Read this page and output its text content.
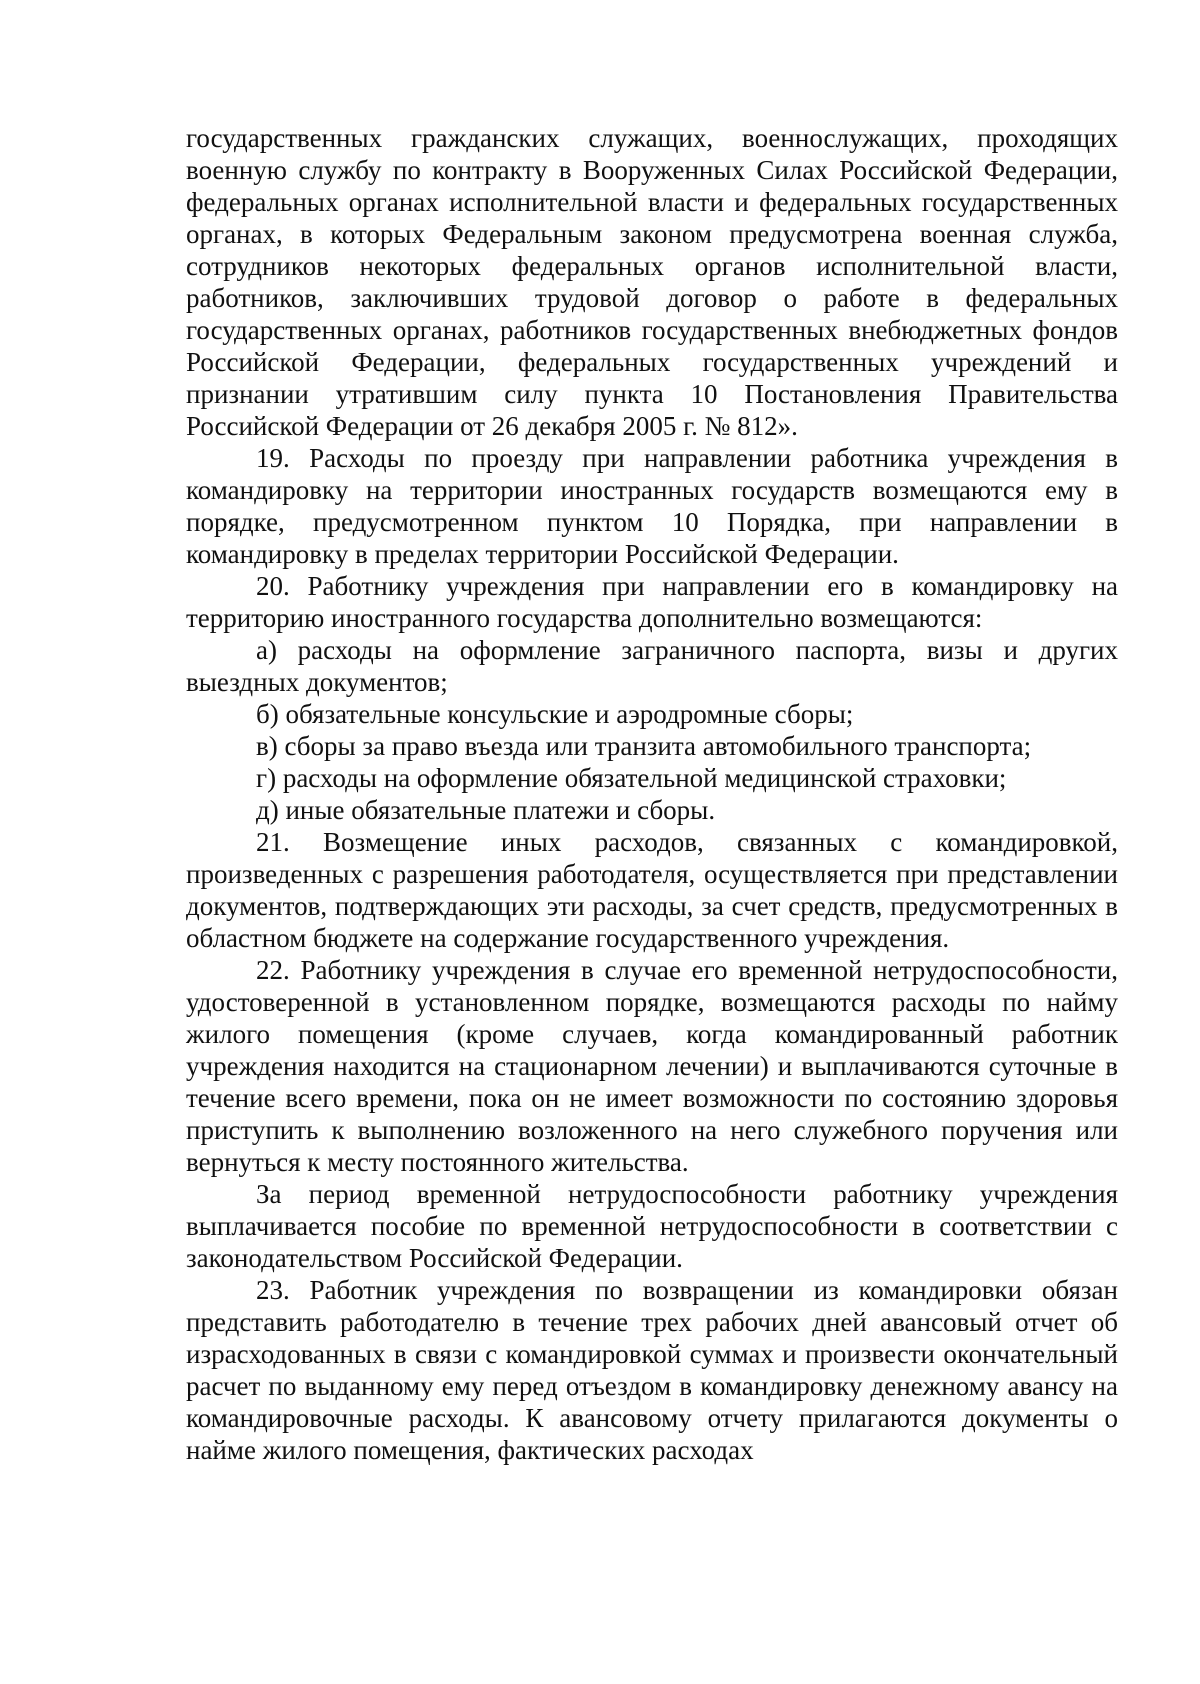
государственных гражданских служащих, военнослужащих, проходящих военную службу по контракту в Вооруженных Силах Российской Федерации, федеральных органах исполнительной власти и федеральных государственных органах, в которых Федеральным законом предусмотрена военная служба, сотрудников некоторых федеральных органов исполнительной власти, работников, заключивших трудовой договор о работе в федеральных государственных органах, работников государственных внебюджетных фондов Российской Федерации, федеральных государственных учреждений и признании утратившим силу пункта 10 Постановления Правительства Российской Федерации от 26 декабря 2005 г. № 812».

19. Расходы по проезду при направлении работника учреждения в командировку на территории иностранных государств возмещаются ему в порядке, предусмотренном пунктом 10 Порядка, при направлении в командировку в пределах территории Российской Федерации.

20. Работнику учреждения при направлении его в командировку на территорию иностранного государства дополнительно возмещаются:

а) расходы на оформление заграничного паспорта, визы и других выездных документов;

б) обязательные консульские и аэродромные сборы;

в) сборы за право въезда или транзита автомобильного транспорта;

г) расходы на оформление обязательной медицинской страховки;

д) иные обязательные платежи и сборы.

21. Возмещение иных расходов, связанных с командировкой, произведенных с разрешения работодателя, осуществляется при представлении документов, подтверждающих эти расходы, за счет средств, предусмотренных в областном бюджете на содержание государственного учреждения.

22. Работнику учреждения в случае его временной нетрудоспособности, удостоверенной в установленном порядке, возмещаются расходы по найму жилого помещения (кроме случаев, когда командированный работник учреждения находится на стационарном лечении) и выплачиваются суточные в течение всего времени, пока он не имеет возможности по состоянию здоровья приступить к выполнению возложенного на него служебного поручения или вернуться к месту постоянного жительства.

За период временной нетрудоспособности работнику учреждения выплачивается пособие по временной нетрудоспособности в соответствии с законодательством Российской Федерации.

23. Работник учреждения по возвращении из командировки обязан представить работодателю в течение трех рабочих дней авансовый отчет об израсходованных в связи с командировкой суммах и произвести окончательный расчет по выданному ему перед отъездом в командировку денежному авансу на командировочные расходы. К авансовому отчету прилагаются документы о найме жилого помещения, фактических расходах
